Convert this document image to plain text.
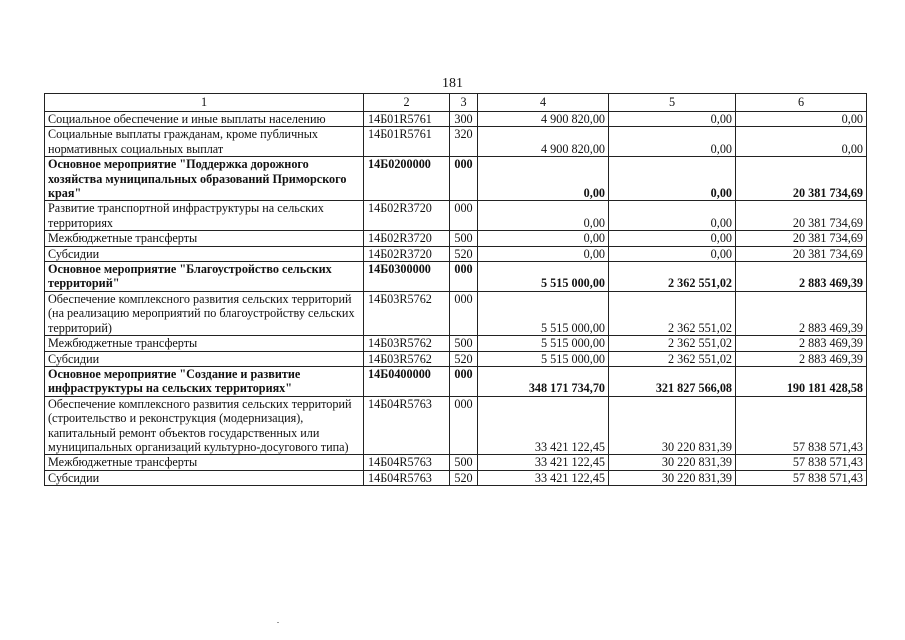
181
1	2	3	4	5	6
Социальное обеспечение и иные выплаты населению	14Б01R5761	300	4 900 820,00	0,00	0,00
Социальные выплаты гражданам, кроме публичных нормативных социальных выплат	14Б01R5761	320	4 900 820,00	0,00	0,00
Основное мероприятие "Поддержка дорожного хозяйства муниципальных образований Приморского края"	14Б0200000	000	0,00	0,00	20 381 734,69
Развитие транспортной инфраструктуры на сельских территориях	14Б02R3720	000	0,00	0,00	20 381 734,69
Межбюджетные трансферты	14Б02R3720	500	0,00	0,00	20 381 734,69
Субсидии	14Б02R3720	520	0,00	0,00	20 381 734,69
Основное мероприятие "Благоустройство сельских территорий"	14Б0300000	000	5 515 000,00	2 362 551,02	2 883 469,39
Обеспечение комплексного развития сельских территорий (на реализацию мероприятий по благоустройству сельских территорий)	14Б03R5762	000	5 515 000,00	2 362 551,02	2 883 469,39
Межбюджетные трансферты	14Б03R5762	500	5 515 000,00	2 362 551,02	2 883 469,39
Субсидии	14Б03R5762	520	5 515 000,00	2 362 551,02	2 883 469,39
Основное мероприятие "Создание и развитие инфраструктуры на сельских территориях"	14Б0400000	000	348 171 734,70	321 827 566,08	190 181 428,58
Обеспечение комплексного развития сельских территорий (строительство и реконструкция (модернизация), капитальный ремонт объектов государственных или муниципальных организаций культурно-досугового типа)	14Б04R5763	000	33 421 122,45	30 220 831,39	57 838 571,43
Межбюджетные трансферты	14Б04R5763	500	33 421 122,45	30 220 831,39	57 838 571,43
Субсидии	14Б04R5763	520	33 421 122,45	30 220 831,39	57 838 571,43
